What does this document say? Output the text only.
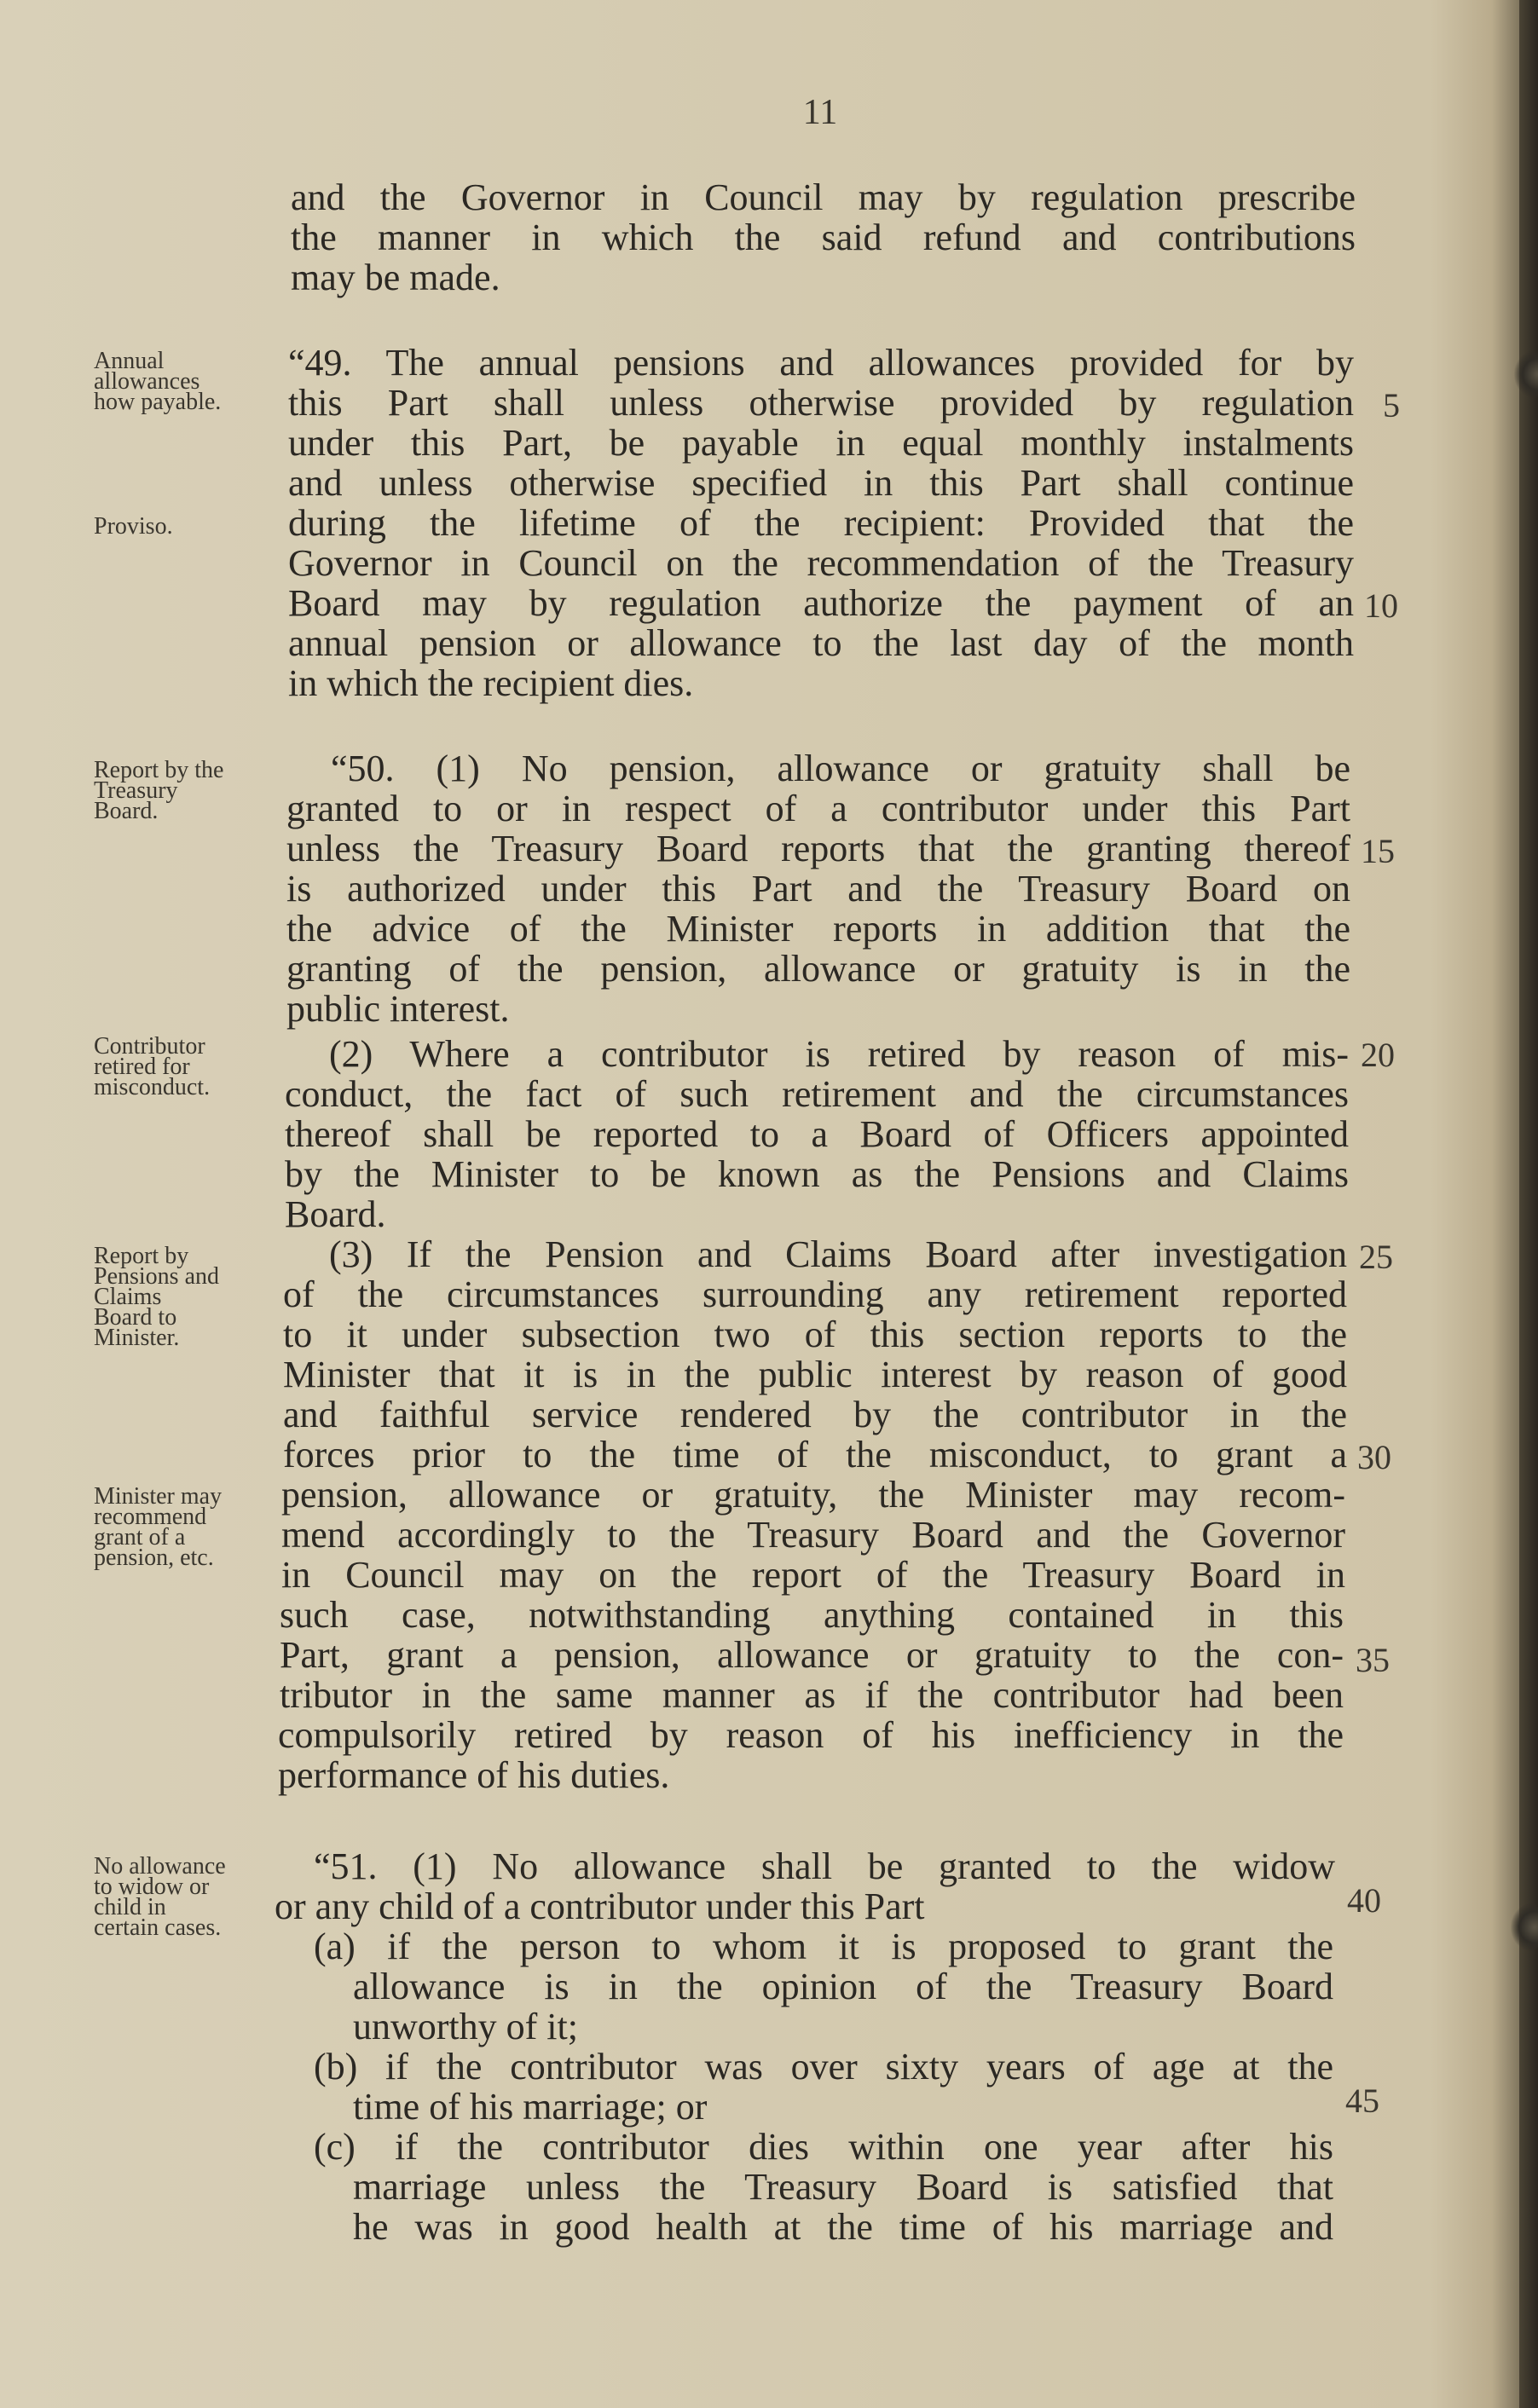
11
and the Governor in Council may by regulation prescribe
the manner in which the said refund and contributions
may be made.
“49. The annual pensions and allowances provided for by
this Part shall unless otherwise provided by regulation
under this Part, be payable in equal monthly instalments
and unless otherwise specified in this Part shall continue
during the lifetime of the recipient: Provided that the
Governor in Council on the recommendation of the Treasury
Board may by regulation authorize the payment of an
annual pension or allowance to the last day of the month
in which the recipient dies.
“50. (1) No pension, allowance or gratuity shall be
granted to or in respect of a contributor under this Part
unless the Treasury Board reports that the granting thereof
is authorized under this Part and the Treasury Board on
the advice of the Minister reports in addition that the
granting of the pension, allowance or gratuity is in the
public interest.
(2) Where a contributor is retired by reason of mis-
conduct, the fact of such retirement and the circumstances
thereof shall be reported to a Board of Officers appointed
by the Minister to be known as the Pensions and Claims
Board.
(3) If the Pension and Claims Board after investigation
of the circumstances surrounding any retirement reported
to it under subsection two of this section reports to the
Minister that it is in the public interest by reason of good
and faithful service rendered by the contributor in the
forces prior to the time of the misconduct, to grant a
pension, allowance or gratuity, the Minister may recom-
mend accordingly to the Treasury Board and the Governor
in Council may on the report of the Treasury Board in
such case, notwithstanding anything contained in this
Part, grant a pension, allowance or gratuity to the con-
tributor in the same manner as if the contributor had been
compulsorily retired by reason of his inefficiency in the
performance of his duties.
“51. (1) No allowance shall be granted to the widow
or any child of a contributor under this Part
(a) if the person to whom it is proposed to grant the
allowance is in the opinion of the Treasury Board
unworthy of it;
(b) if the contributor was over sixty years of age at the
time of his marriage; or
(c) if the contributor dies within one year after his
marriage unless the Treasury Board is satisfied that
he was in good health at the time of his marriage and
5
10
15
20
25
30
35
40
45
Annual
allowances
how payable.
Proviso.
Report by the
Treasury
Board.
Contributor
retired for
misconduct.
Report by
Pensions and
Claims
Board to
Minister.
Minister may
recommend
grant of a
pension, etc.
No allowance
to widow or
child in
certain cases.
